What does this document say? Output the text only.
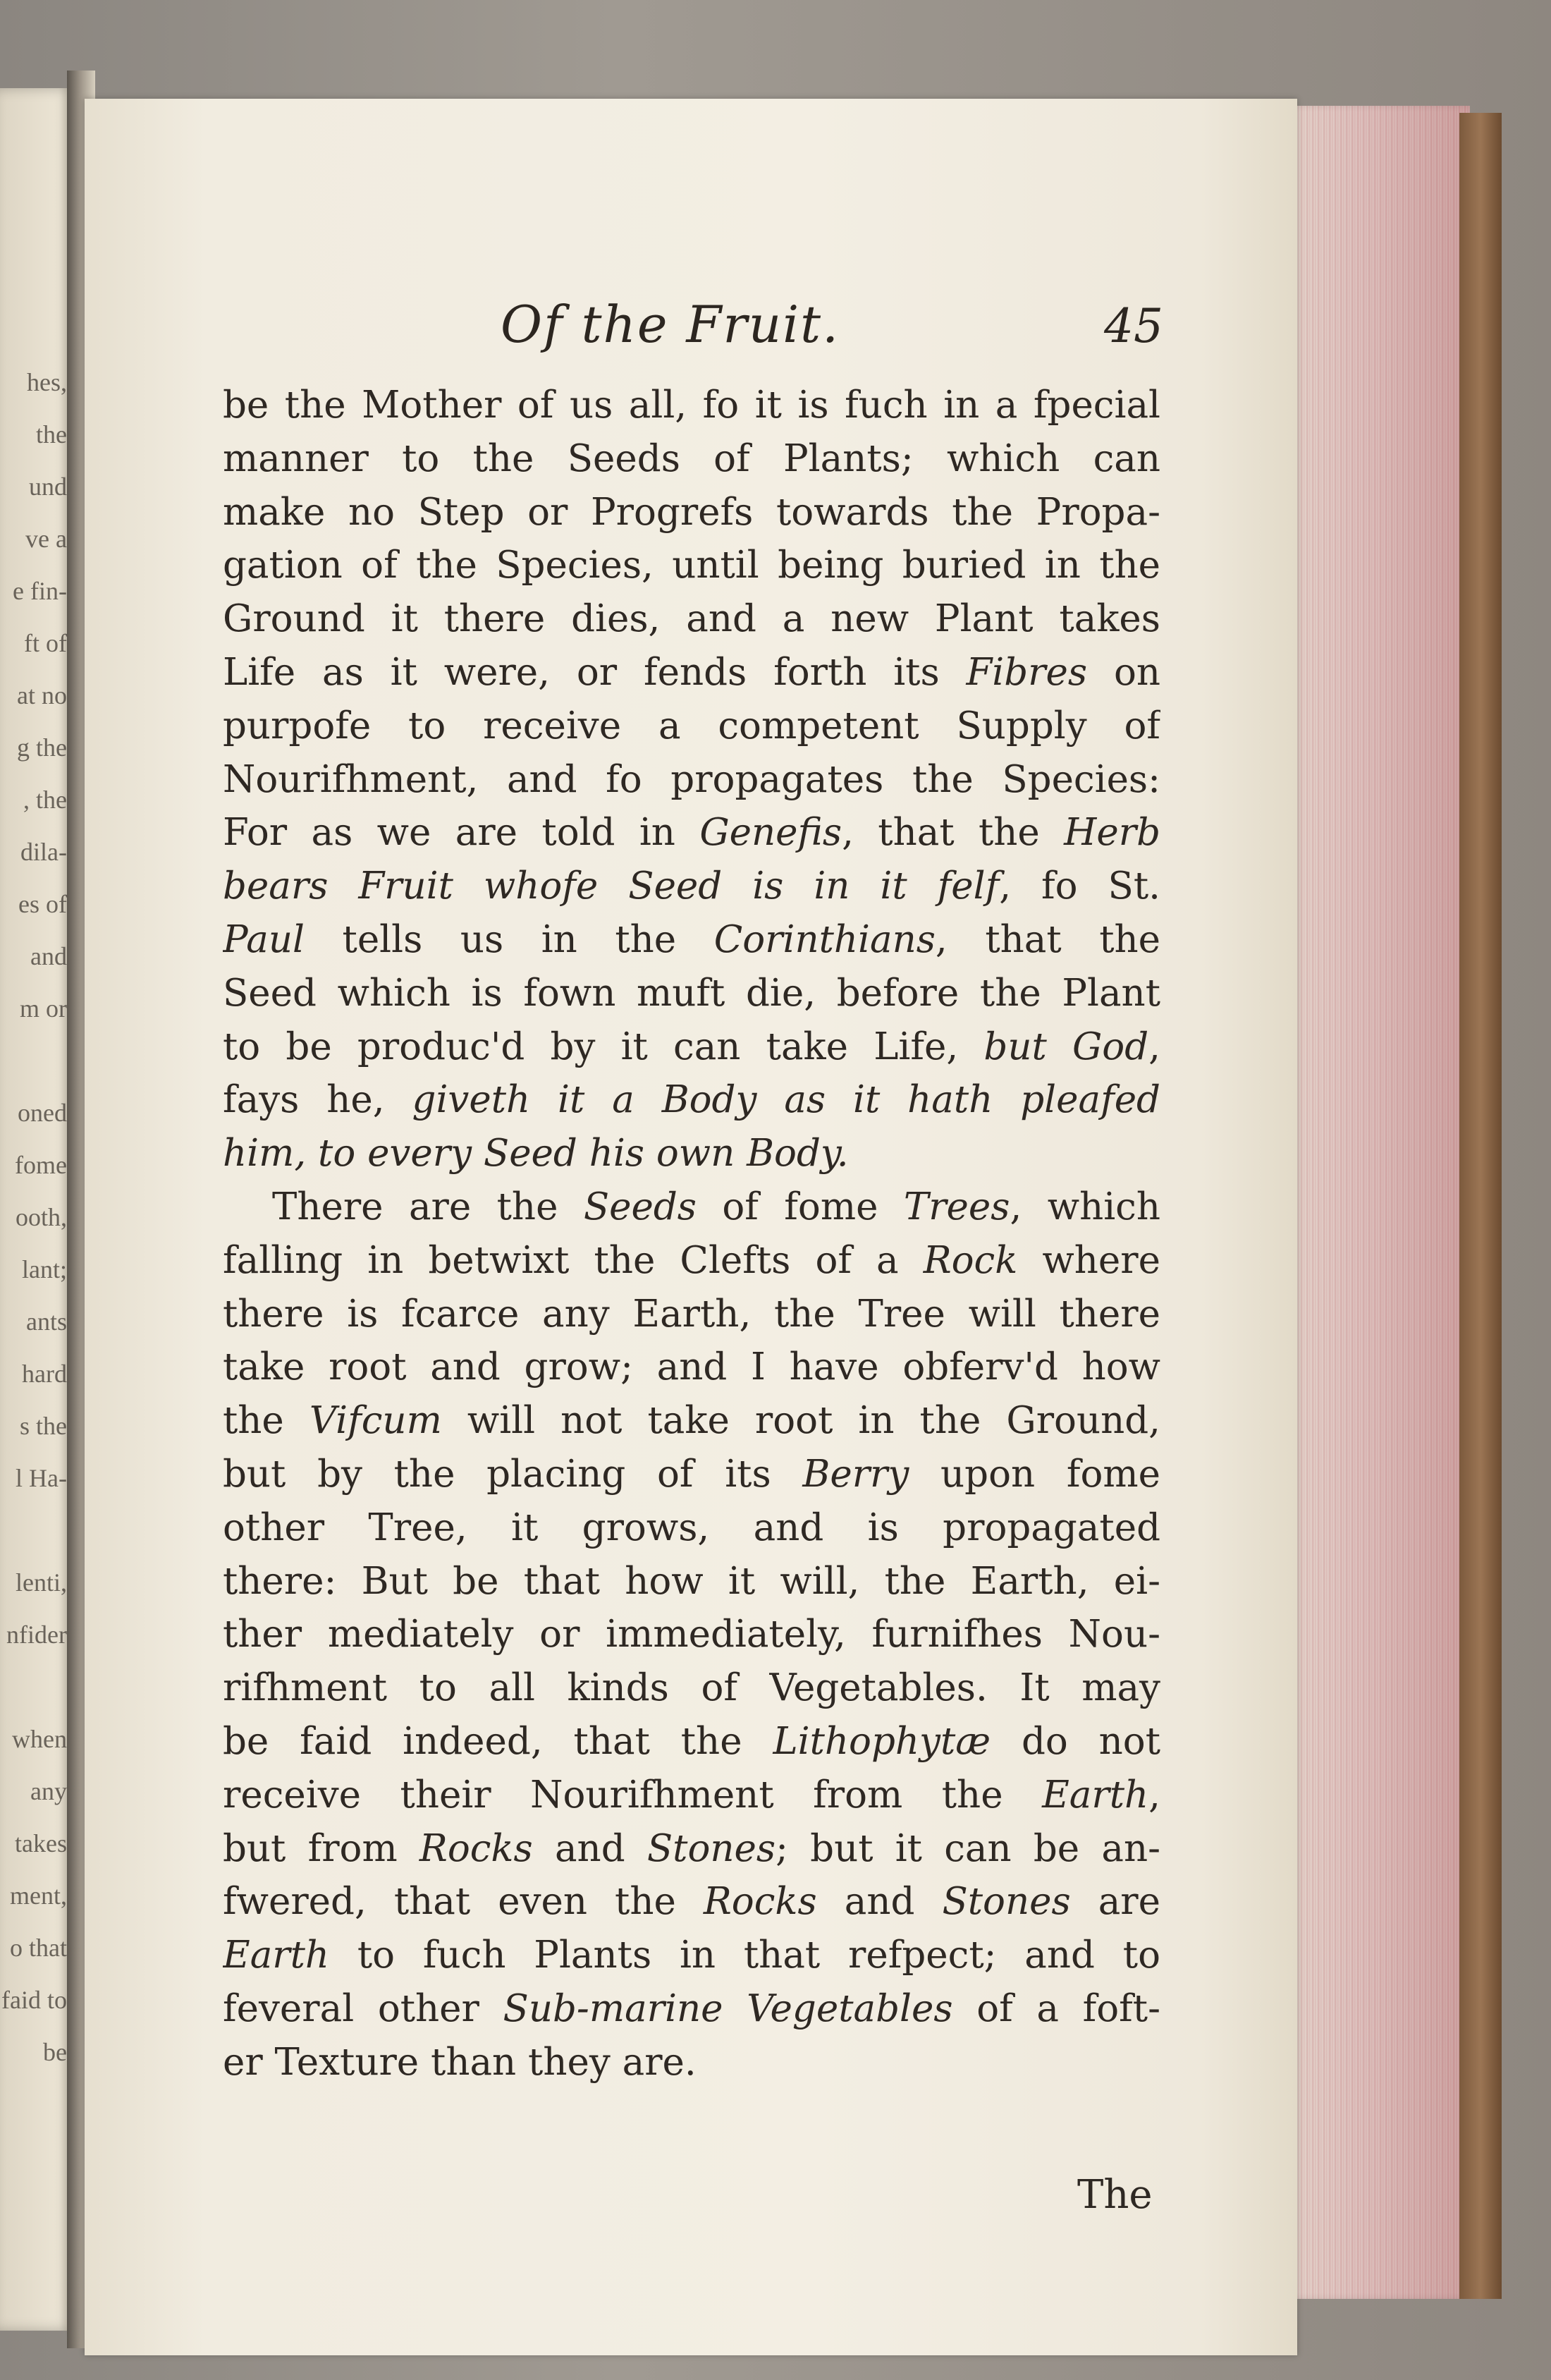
hes,
the
und
ve a
e fin-
ft of
at no
g the
, the
dila-
es of
and
m or
oned
fome
ooth,
lant;
ants
hard
s the
l Ha-
lenti,
nfider
when
any
takes
ment,
o that
faid to
be
Of the Fruit.	45
be the Mother of us all, fo it is fuch in a fpecial
manner to the Seeds of Plants; which can
make no Step or Progrefs towards the Propa-
gation of the Species, until being buried in the
Ground it there dies, and a new Plant takes
Life as it were, or fends forth its Fibres on
purpofe to receive a competent Supply of
Nourifhment, and fo propagates the Species:
For as we are told in Genefis, that the Herb
bears Fruit whofe Seed is in it felf, fo St.
Paul tells us in the Corinthians, that the
Seed which is fown muft die, before the Plant
to be produc'd by it can take Life, but God,
fays he, giveth it a Body as it hath pleafed
him, to every Seed his own Body.
There are the Seeds of fome Trees, which
falling in betwixt the Clefts of a Rock where
there is fcarce any Earth, the Tree will there
take root and grow; and I have obferv'd how
the Vifcum will not take root in the Ground,
but by the placing of its Berry upon fome
other Tree, it grows, and is propagated
there: But be that how it will, the Earth, ei-
ther mediately or immediately, furnifhes Nou-
rifhment to all kinds of Vegetables. It may
be faid indeed, that the Lithophytæ do not
receive their Nourifhment from the Earth,
but from Rocks and Stones; but it can be an-
fwered, that even the Rocks and Stones are
Earth to fuch Plants in that refpect; and to
feveral other Sub-marine Vegetables of a foft-
er Texture than they are.
The
